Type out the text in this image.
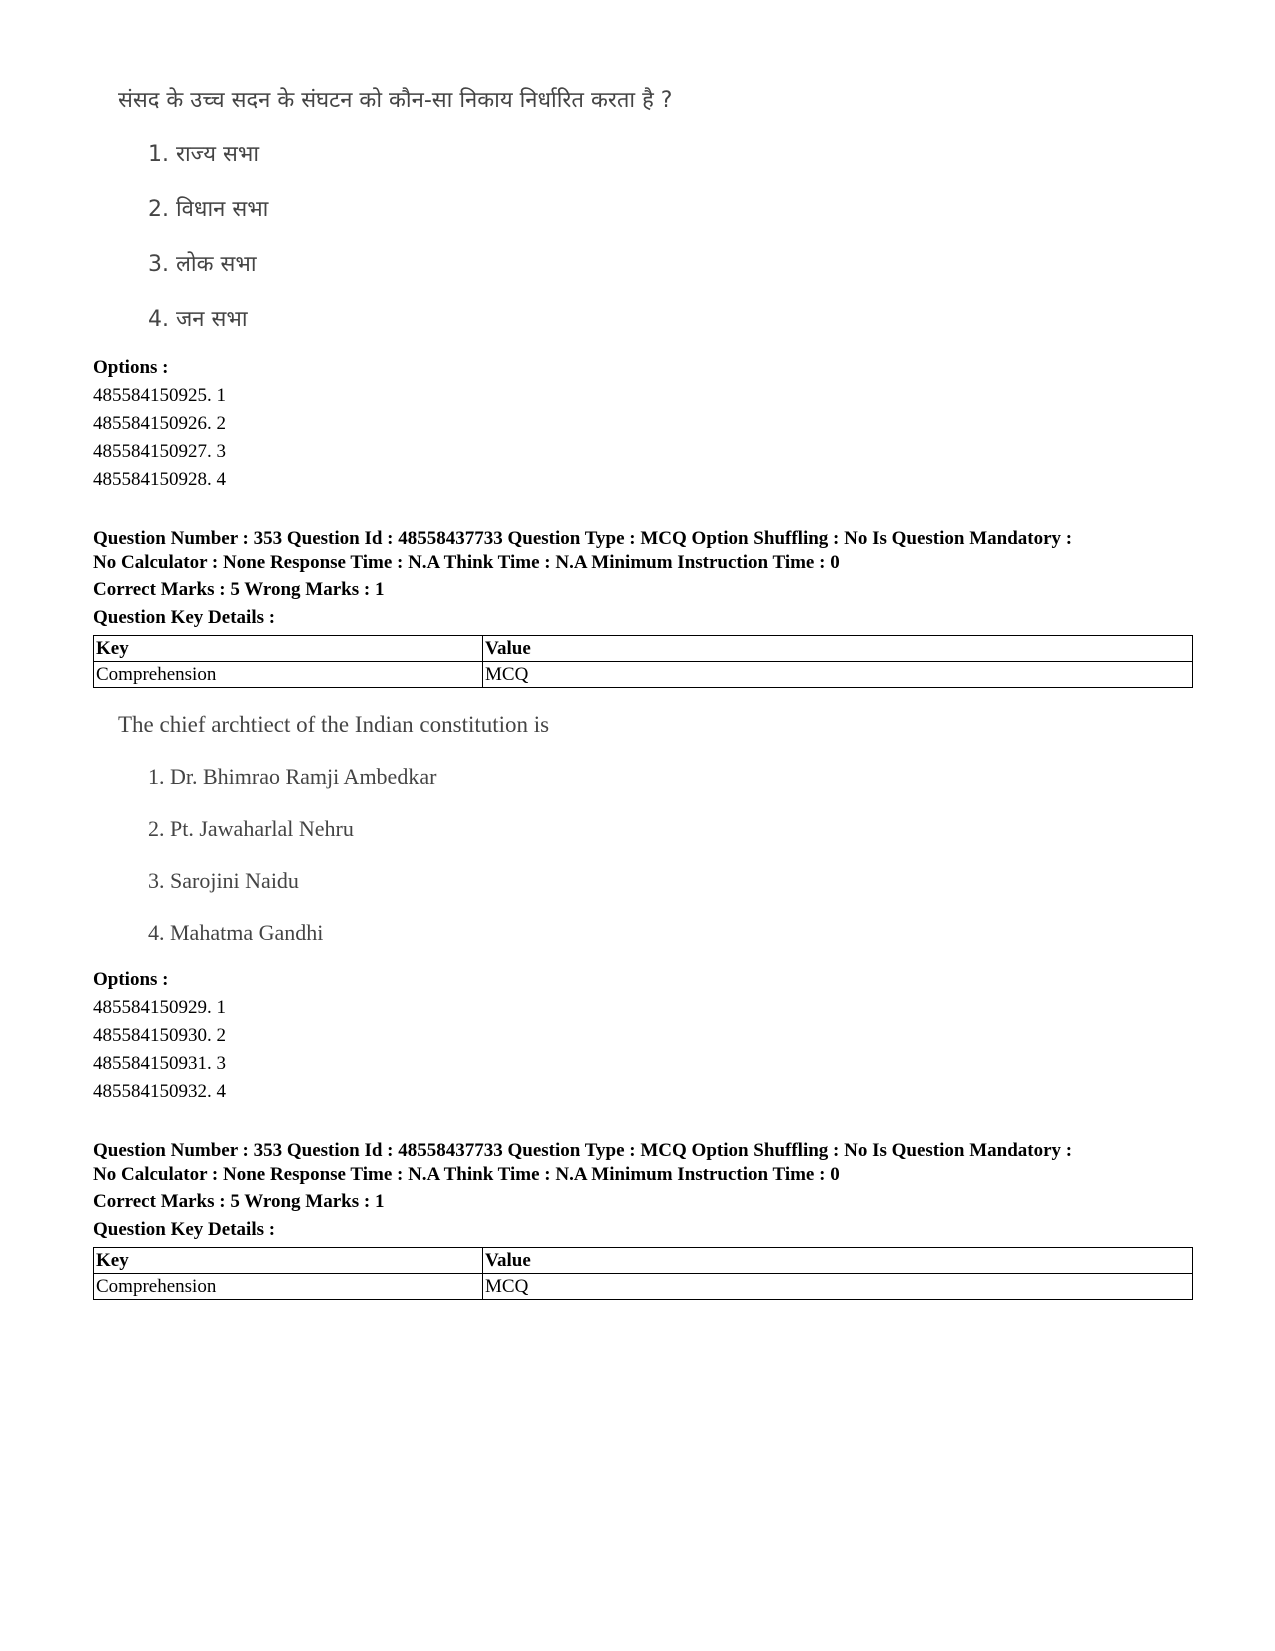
संसद के उच्च सदन के संघटन को कौन-सा निकाय निर्धारित करता है ?
1. राज्य सभा
2. विधान सभा
3. लोक सभा
4. जन सभा
Options :
485584150925. 1
485584150926. 2
485584150927. 3
485584150928. 4
Question Number : 353 Question Id : 48558437733 Question Type : MCQ Option Shuffling : No Is Question Mandatory :
No Calculator : None Response Time : N.A Think Time : N.A Minimum Instruction Time : 0
Correct Marks : 5 Wrong Marks : 1
Question Key Details :
Key	Value
Comprehension	MCQ
The chief archtiect of the Indian constitution is
1. Dr. Bhimrao Ramji Ambedkar
2. Pt. Jawaharlal Nehru
3. Sarojini Naidu
4. Mahatma Gandhi
Options :
485584150929. 1
485584150930. 2
485584150931. 3
485584150932. 4
Question Number : 353 Question Id : 48558437733 Question Type : MCQ Option Shuffling : No Is Question Mandatory :
No Calculator : None Response Time : N.A Think Time : N.A Minimum Instruction Time : 0
Correct Marks : 5 Wrong Marks : 1
Question Key Details :
Key	Value
Comprehension	MCQ
